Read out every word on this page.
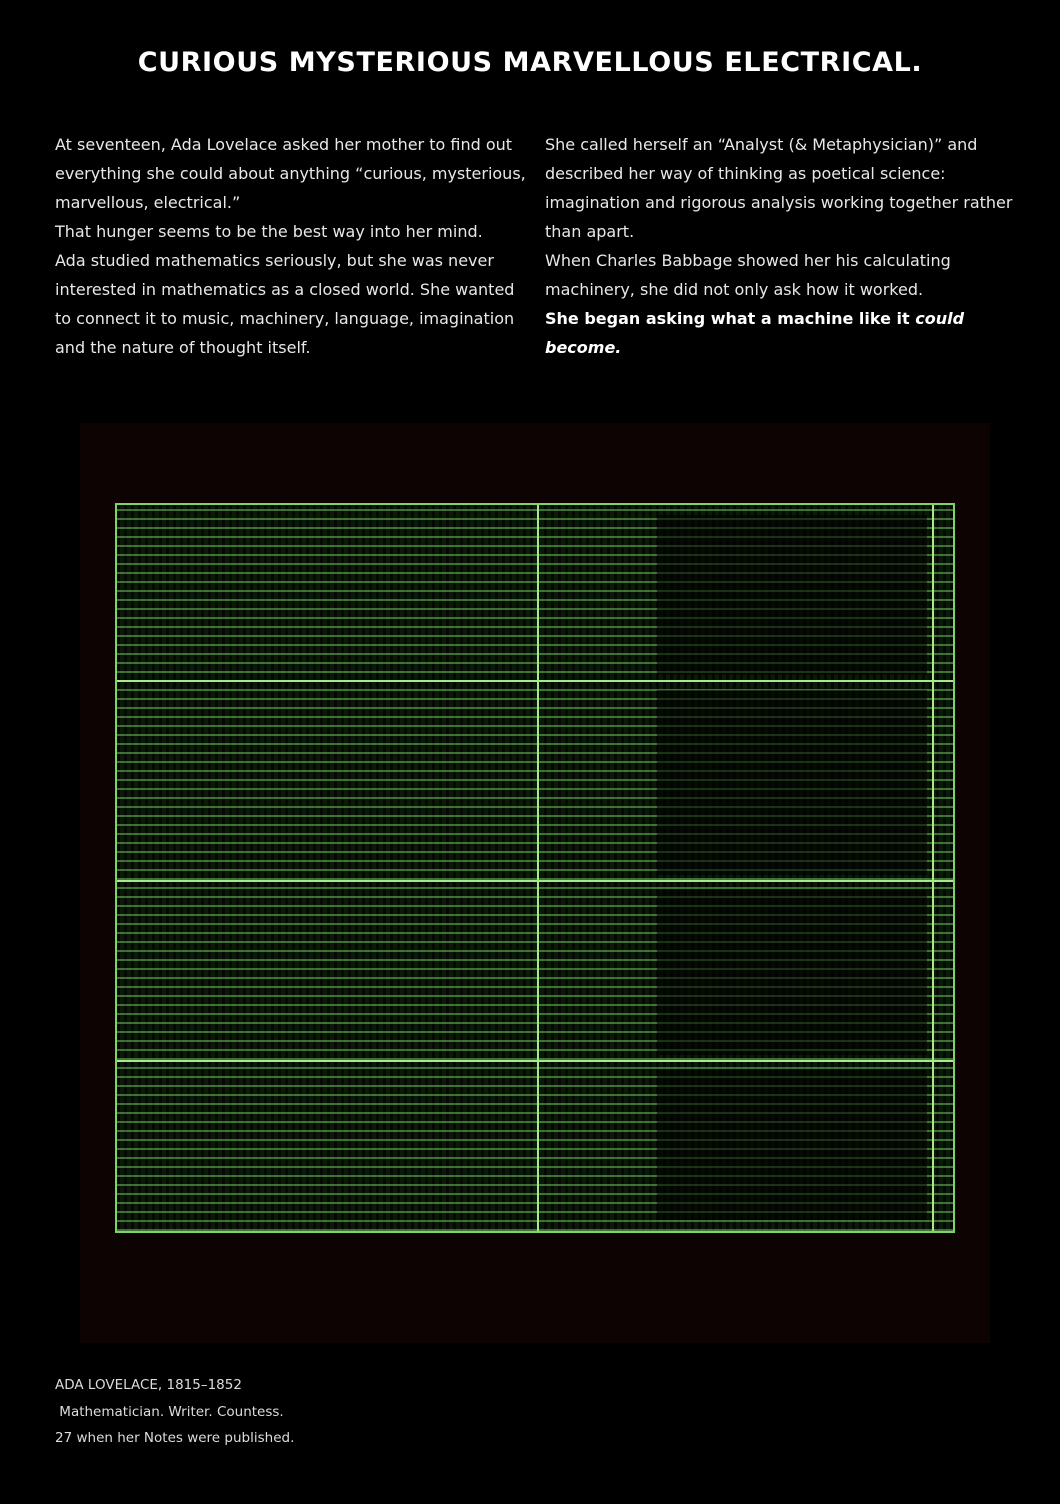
CURIOUS MYSTERIOUS MARVELLOUS ELECTRICAL.

At seventeen, Ada Lovelace asked her mother to find out everything she could about anything “curious, mysterious, marvellous, electrical.”

That hunger seems to be the best way into her mind.

Ada studied mathematics seriously, but she was never interested in mathematics as a closed world. She wanted to connect it to music, machinery, language, imagination and the nature of thought itself.

She called herself an “Analyst (& Metaphysician)” and described her way of thinking as poetical science: imagination and rigorous analysis working together rather than apart.

When Charles Babbage showed her his calculating machinery, she did not only ask how it worked.

She began asking what a machine like it could become.

ADA LOVELACE, 1815–1852
Mathematician. Writer. Countess.
27 when her Notes were published.
